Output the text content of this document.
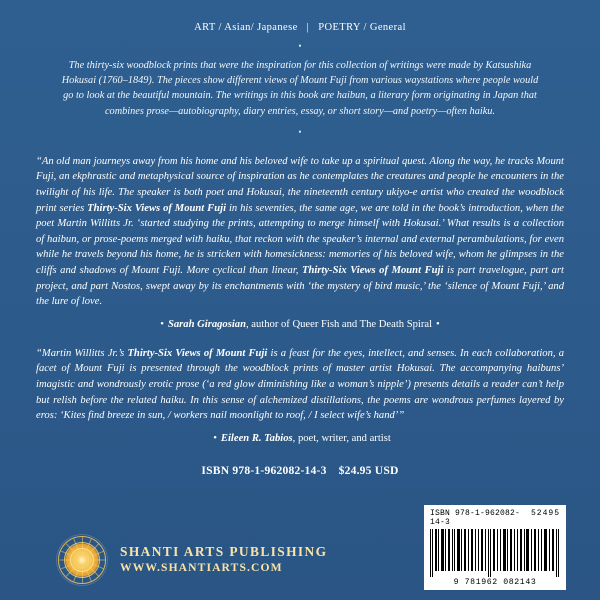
ART / Asian/ Japanese | POETRY / General
•

The thirty-six woodblock prints that were the inspiration for this collection of writings were made by Katsushika Hokusai (1760–1849). The pieces show different views of Mount Fuji from various waystations where people would go to look at the beautiful mountain. The writings in this book are haibun, a literary form originating in Japan that combines prose—autobiography, diary entries, essay, or short story—and poetry—often haiku.

•
“An old man journeys away from his home and his beloved wife to take up a spiritual quest. Along the way, he tracks Mount Fuji, an ekphrastic and metaphysical source of inspiration as he contemplates the creatures and people he encounters in the twilight of his life. The speaker is both poet and Hokusai, the nineteenth century ukiyo-e artist who created the woodblock print series Thirty-Six Views of Mount Fuji in his seventies, the same age, we are told in the book’s introduction, when the poet Martin Willitts Jr. ‘started studying the prints, attempting to merge himself with Hokusai.’ What results is a collection of haibun, or prose-poems merged with haiku, that reckon with the speaker’s internal and external perambulations, for even while he travels beyond his home, he is stricken with homesickness: memories of his beloved wife, whom he glimpses in the cliffs and shadows of Mount Fuji. More cyclical than linear, Thirty-Six Views of Mount Fuji is part travelogue, part art project, and part Nostos, swept away by its enchantments with ‘the mystery of bird music,’ the ‘silence of Mount Fuji,’ and the lure of love.
• Sarah Giragosian, author of Queer Fish and The Death Spiral •
“Martin Willitts Jr.’s Thirty-Six Views of Mount Fuji is a feast for the eyes, intellect, and senses. In each collaboration, a facet of Mount Fuji is presented through the woodblock prints of master artist Hokusai. The accompanying haibuns’ imagistic and wondrously erotic prose (‘a red glow diminishing like a woman’s nipple’) presents details a reader can’t help but relish before the related haiku. In this sense of alchemized distillations, the poems are wondrous perfumes layered by eros: ‘Kites find breeze in sun, / workers nail moonlight to roof, / I select wife’s hand’”
• Eileen R. Tabios, poet, writer, and artist
ISBN 978-1-962082-14-3 $24.95 USD
SHANTI ARTS PUBLISHING
WWW.SHANTIARTS.COM
ISBN 978-1-962082-14-3
52495
9 781962 082143
